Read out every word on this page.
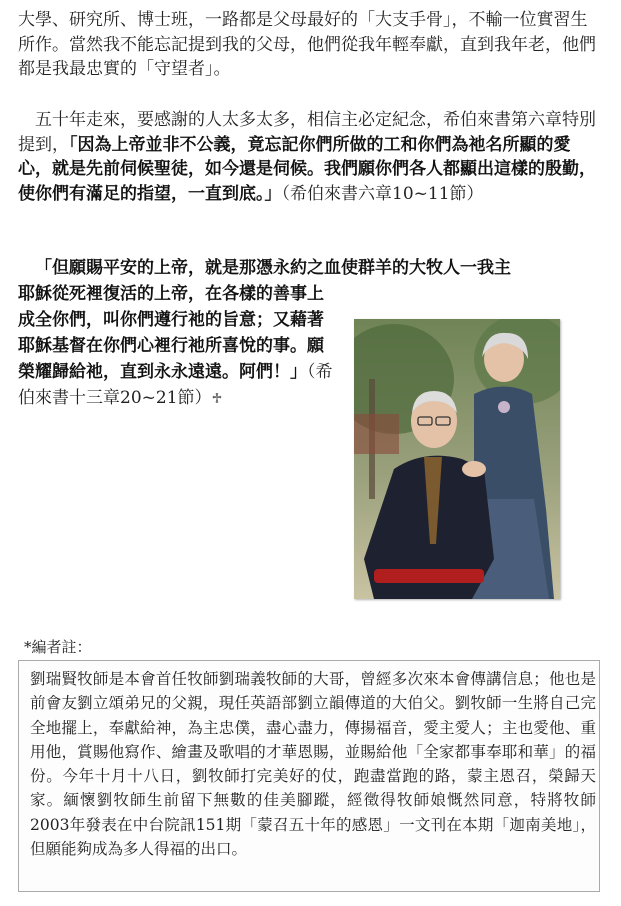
大學、研究所、博士班，一路都是父母最好的「大支手骨」，不輸一位實習生所作。當然我不能忘記提到我的父母，他們從我年輕奉獻，直到我年老，他們都是我最忠實的「守望者」。

五十年走來，要感謝的人太多太多，相信主必定紀念，希伯來書第六章特別提到，「因為上帝並非不公義，竟忘記你們所做的工和你們為祂名所顯的愛心，就是先前伺候聖徒，如今還是伺候。我們願你們各人都顯出這樣的殷勤，使你們有滿足的指望，一直到底。」（希伯來書六章10~11節）

「但願賜平安的上帝，就是那憑永約之血使群羊的大牧人一我主

耶穌從死裡復活的上帝，在各樣的善事上成全你們，叫你們遵行祂的旨意；又藉著耶穌基督在你們心裡行祂所喜悅的事。願榮耀歸給祂，直到永永遠遠。阿們！」（希伯來書十三章20~21節）♱

*編者註：

劉瑞賢牧師是本會首任牧師劉瑞義牧師的大哥，曾經多次來本會傳講信息；他也是前會友劉立頌弟兄的父親，現任英語部劉立韻傳道的大伯父。劉牧師一生將自己完全地擺上，奉獻給神，為主忠僕，盡心盡力，傳揚福音，愛主愛人；主也愛他、重用他，賞賜他寫作、繪畫及歌唱的才華恩賜，並賜給他「全家都事奉耶和華」的福份。今年十月十八日，劉牧師打完美好的仗，跑盡當跑的路，蒙主恩召，榮歸天家。緬懷劉牧師生前留下無數的佳美腳蹤，經徵得牧師娘慨然同意，特將牧師2003年發表在中台院訊151期「蒙召五十年的感恩」一文刊在本期「迦南美地」，但願能夠成為多人得福的出口。
